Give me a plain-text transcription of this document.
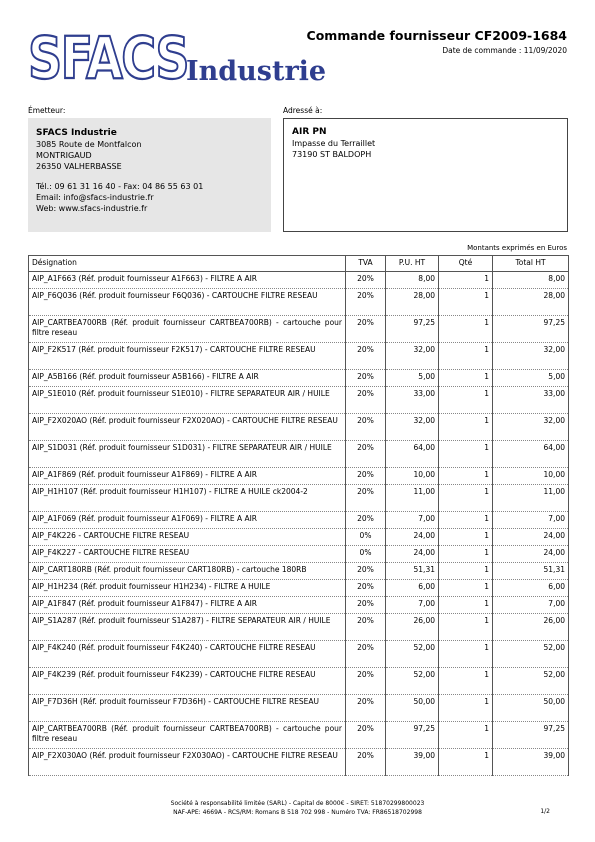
SFACS
Industrie
Commande fournisseur CF2009-1684
Date de commande : 11/09/2020
Émetteur:	Adressé à:
SFACS Industrie
3085 Route de Montfalcon
MONTRIGAUD
26350 VALHERBASSE
Tél.: 09 61 31 16 40 - Fax: 04 86 55 63 01
Email: info@sfacs-industrie.fr
Web: www.sfacs-industrie.fr
AIR PN
Impasse du Terraillet
73190 ST BALDOPH
Montants exprimés en Euros
Désignation	TVA	P.U. HT	Qté	Total HT
AIP_A1F663 (Réf. produit fournisseur A1F663) - FILTRE A AIR	20%	8,00	1	8,00
AIP_F6Q036 (Réf. produit fournisseur F6Q036) - CARTOUCHE FILTRE RESEAU	20%	28,00	1	28,00
AIP_CARTBEA700RB (Réf. produit fournisseur CARTBEA700RB) - cartouche pour filtre reseau	20%	97,25	1	97,25
AIP_F2K517 (Réf. produit fournisseur F2K517) - CARTOUCHE FILTRE RESEAU	20%	32,00	1	32,00
AIP_A5B166 (Réf. produit fournisseur A5B166) - FILTRE A AIR	20%	5,00	1	5,00
AIP_S1E010 (Réf. produit fournisseur S1E010) - FILTRE SEPARATEUR AIR / HUILE	20%	33,00	1	33,00
AIP_F2X020AO (Réf. produit fournisseur F2X020AO) - CARTOUCHE FILTRE RESEAU	20%	32,00	1	32,00
AIP_S1D031 (Réf. produit fournisseur S1D031) - FILTRE SEPARATEUR AIR / HUILE	20%	64,00	1	64,00
AIP_A1F869 (Réf. produit fournisseur A1F869) - FILTRE A AIR	20%	10,00	1	10,00
AIP_H1H107 (Réf. produit fournisseur H1H107) - FILTRE A HUILE ck2004-2	20%	11,00	1	11,00
AIP_A1F069 (Réf. produit fournisseur A1F069) - FILTRE A AIR	20%	7,00	1	7,00
AIP_F4K226 - CARTOUCHE FILTRE RESEAU	0%	24,00	1	24,00
AIP_F4K227 - CARTOUCHE FILTRE RESEAU	0%	24,00	1	24,00
AIP_CART180RB (Réf. produit fournisseur CART180RB) - cartouche 180RB	20%	51,31	1	51,31
AIP_H1H234 (Réf. produit fournisseur H1H234) - FILTRE A HUILE	20%	6,00	1	6,00
AIP_A1F847 (Réf. produit fournisseur A1F847) - FILTRE A AIR	20%	7,00	1	7,00
AIP_S1A287 (Réf. produit fournisseur S1A287) - FILTRE SEPARATEUR AIR / HUILE	20%	26,00	1	26,00
AIP_F4K240 (Réf. produit fournisseur F4K240) - CARTOUCHE FILTRE RESEAU	20%	52,00	1	52,00
AIP_F4K239 (Réf. produit fournisseur F4K239) - CARTOUCHE FILTRE RESEAU	20%	52,00	1	52,00
AIP_F7D36H (Réf. produit fournisseur F7D36H) - CARTOUCHE FILTRE RESEAU	20%	50,00	1	50,00
AIP_CARTBEA700RB (Réf. produit fournisseur CARTBEA700RB) - cartouche pour filtre reseau	20%	97,25	1	97,25
AIP_F2X030AO (Réf. produit fournisseur F2X030AO) - CARTOUCHE FILTRE RESEAU	20%	39,00	1	39,00
Société à responsabilité limitée (SARL) - Capital de 8000€ - SIRET: 51870299800023
NAF-APE: 4669A - RCS/RM: Romans B 518 702 998 - Numéro TVA: FR86518702998	1/2
